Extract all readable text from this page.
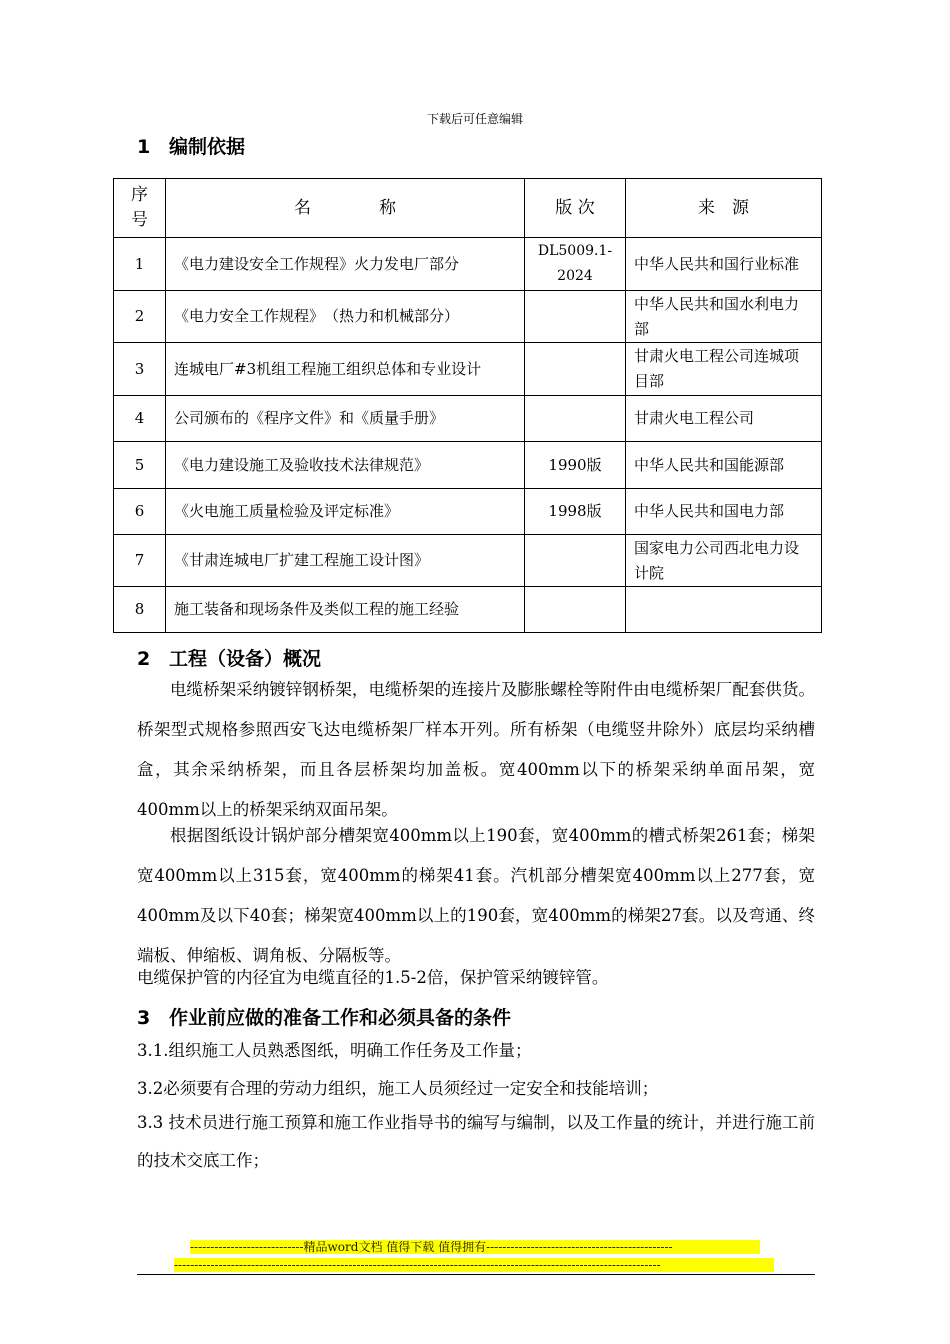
下载后可任意编辑
1 编制依据
序号	名　　　　称	版 次	来　源
1	《电力建设安全工作规程》火力发电厂部分	DL5009.1-2024	中华人民共和国行业标准
2	《电力安全工作规程》　（热力和机械部分）		中华人民共和国水利电力部
3	连城电厂#3机组工程施工组织总体和专业设计		甘肃火电工程公司连城项目部
4	公司颁布的《程序文件》和《质量手册》		甘肃火电工程公司
5	《电力建设施工及验收技术法律规范》	1990版	中华人民共和国能源部
6	《火电施工质量检验及评定标准》	1998版	中华人民共和国电力部
7	《甘肃连城电厂扩建工程施工设计图》		国家电力公司西北电力设计院
8	施工装备和现场条件及类似工程的施工经验		
2 工程（设备）概况

电缆桥架采纳镀锌钢桥架，电缆桥架的连接片及膨胀螺栓等附件由电缆桥架厂配套供货。桥架型式规格参照西安飞达电缆桥架厂样本开列。所有桥架（电缆竖井除外）底层均采纳槽盒，其余采纳桥架，而且各层桥架均加盖板。宽400mm以下的桥架采纳单面吊架，宽400mm以上的桥架采纳双面吊架。

根据图纸设计锅炉部分槽架宽400mm以上190套，宽400mm的槽式桥架261套；梯架宽400mm以上315套，宽400mm的梯架41套。汽机部分槽架宽400mm以上277套，宽400mm及以下40套；梯架宽400mm以上的190套，宽400mm的梯架27套。以及弯通、终端板、伸缩板、调角板、分隔板等。

电缆保护管的内径宜为电缆直径的1.5-2倍，保护管采纳镀锌管。

3 作业前应做的准备工作和必须具备的条件

3.1.组织施工人员熟悉图纸，明确工作任务及工作量；

3.2必须要有合理的劳动力组织，施工人员须经过一定安全和技能培训；

3.3 技术员进行施工预算和施工作业指导书的编写与编制，以及工作量的统计，并进行施工前的技术交底工作；

----------------------------精品word文档 值得下载 值得拥有----------------------------------------------
------------------------------------------------------------------------------------------------------------------------
